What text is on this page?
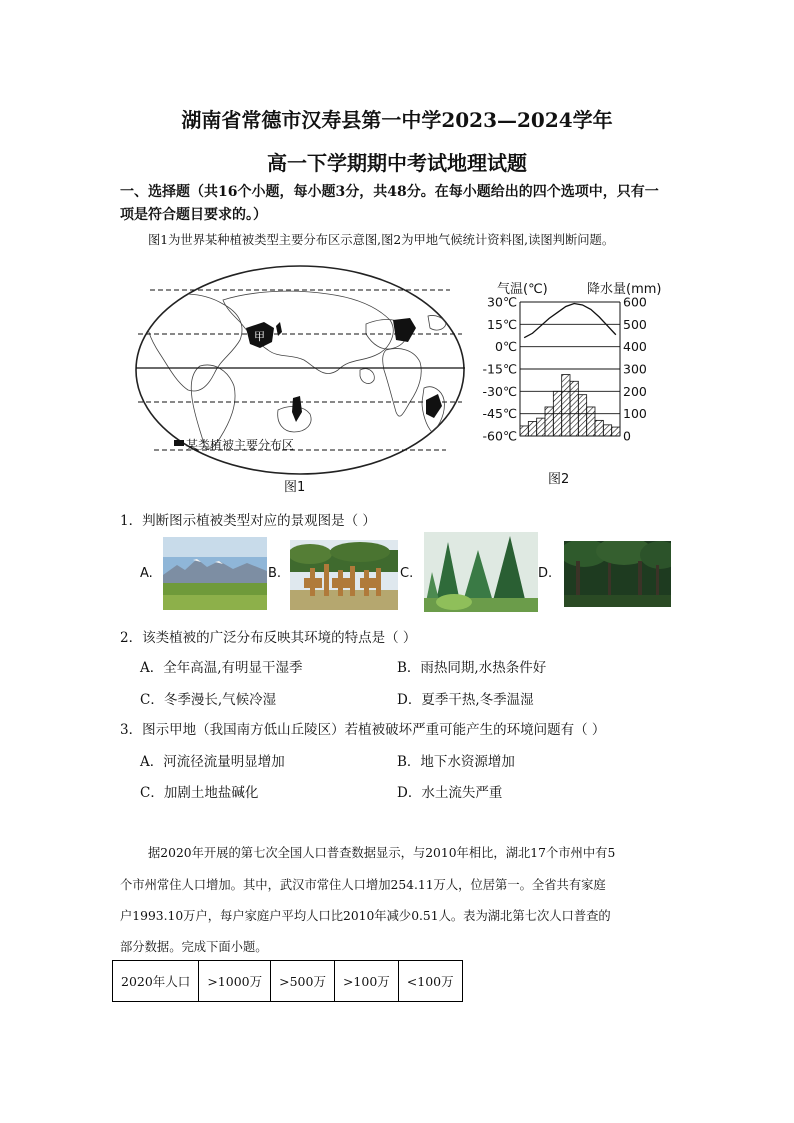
湖南省常德市汉寿县第一中学2023—2024学年
高一下学期期中考试地理试题
一、选择题（共16个小题，每小题3分，共48分。在每小题给出的四个选项中，只有一
项是符合题目要求的。）
图1为世界某种植被类型主要分布区示意图,图2为甲地气候统计资料图,读图判断问题。
甲
某类植被主要分布区
图1
气温(℃)	降水量(mm)
30℃	600
15℃	500
0℃	400
-15℃	300
-30℃	200
-45℃	100
-60℃	0
图2
1．判断图示植被类型对应的景观图是（ ）
A.	B.	C.	D.
2．该类植被的广泛分布反映其环境的特点是（ ）
A．全年高温,有明显干湿季	B．雨热同期,水热条件好
C．冬季漫长,气候冷湿	D．夏季干热,冬季温湿
3．图示甲地（我国南方低山丘陵区）若植被破坏严重可能产生的环境问题有（ ）
A．河流径流量明显增加	B．地下水资源增加
C．加剧土地盐碱化	D．水土流失严重
据2020年开展的第七次全国人口普查数据显示，与2010年相比，湖北17个市州中有5
个市州常住人口增加。其中，武汉市常住人口增加254.11万人，位居第一。全省共有家庭
户1993.10万户，每户家庭户平均人口比2010年减少0.51人。表为湖北第七次人口普查的
部分数据。完成下面小题。
2020年人口	>1000万	>500万	>100万	<100万
